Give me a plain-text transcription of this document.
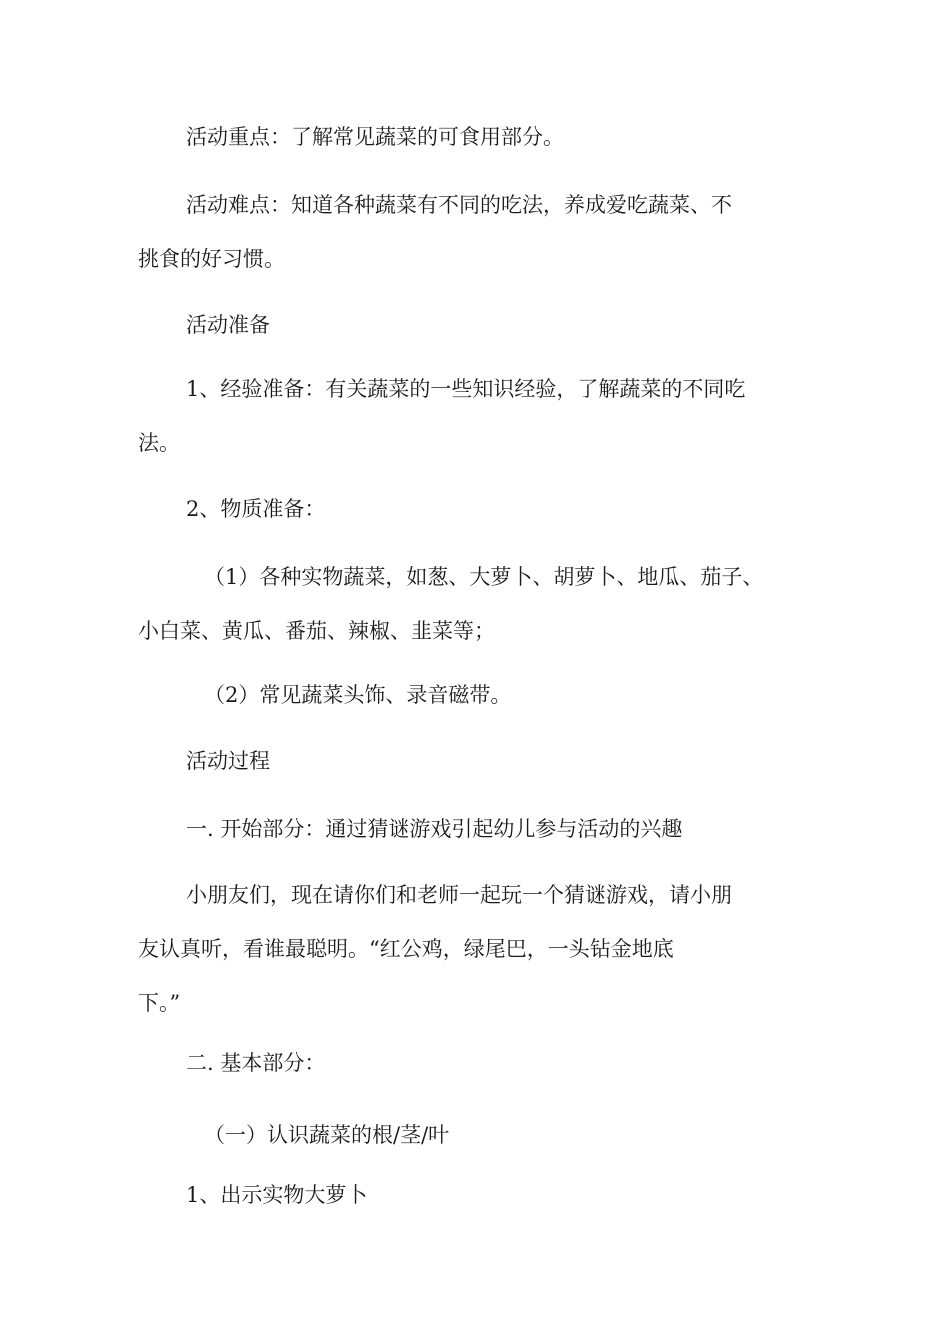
活动重点：了解常见蔬菜的可食用部分。

活动难点：知道各种蔬菜有不同的吃法，养成爱吃蔬菜、不
挑食的好习惯。

活动准备

1、经验准备：有关蔬菜的一些知识经验，了解蔬菜的不同吃
法。

2、物质准备：

（1）各种实物蔬菜，如葱、大萝卜、胡萝卜、地瓜、茄子、
小白菜、黄瓜、番茄、辣椒、韭菜等；

（2）常见蔬菜头饰、录音磁带。

活动过程

一. 开始部分：通过猜谜游戏引起幼儿参与活动的兴趣

小朋友们，现在请你们和老师一起玩一个猜谜游戏，请小朋
友认真听，看谁最聪明。“红公鸡，绿尾巴，一头钻金地底
下。”

二. 基本部分：

（一）认识蔬菜的根/茎/叶

1、出示实物大萝卜
